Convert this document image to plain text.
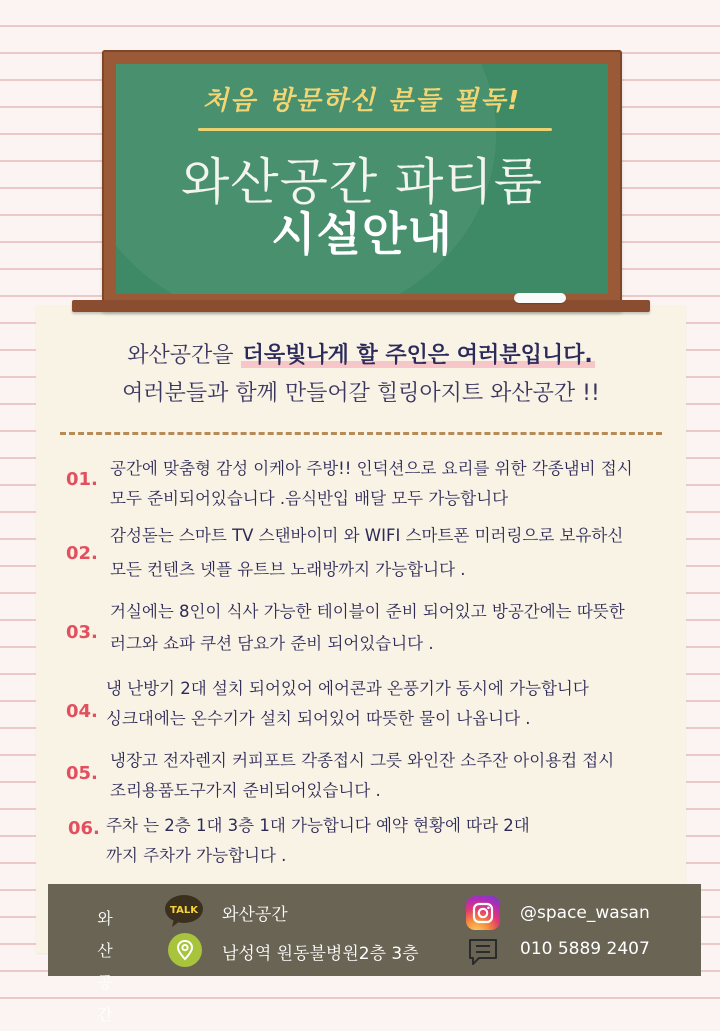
처음 방문하신 분들 필독!
와산공간 파티룸
시설안내
와산공간을 더욱빛나게 할 주인은 여러분입니다.
여러분들과 함께 만들어갈 힐링아지트 와산공간 !!
01.
공간에 맞춤형 감성 이케아 주방!! 인덕션으로 요리를 위한 각종냄비 접시
모두 준비되어있습니다 .음식반입 배달 모두 가능합니다
02.
감성돋는 스마트 TV 스탠바이미 와 WIFI 스마트폰 미러링으로 보유하신
모든 컨텐츠 넷플 유트브 노래방까지 가능합니다 .
03.
거실에는 8인이 식사 가능한 테이블이 준비 되어있고 방공간에는 따뜻한
러그와 쇼파 쿠션 담요가 준비 되어있습니다 .
04.
냉 난방기 2대 설치 되어있어 에어콘과 온풍기가 동시에 가능합니다
싱크대에는 온수기가 설치 되어있어 따뜻한 물이 나옵니다 .
05.
냉장고 전자렌지 커피포트 각종접시 그릇 와인잔 소주잔 아이용컵 접시
조리용품도구가지 준비되어있습니다 .
06. 주차 는 2층 1대 3층 1대 가능합니다 예약 현황에 따라 2대
까지 주차가 가능합니다 .
와 산
공 간
TALK 와산공간
남성역 원동불병원2층 3층
@space_wasan
010 5889 2407
